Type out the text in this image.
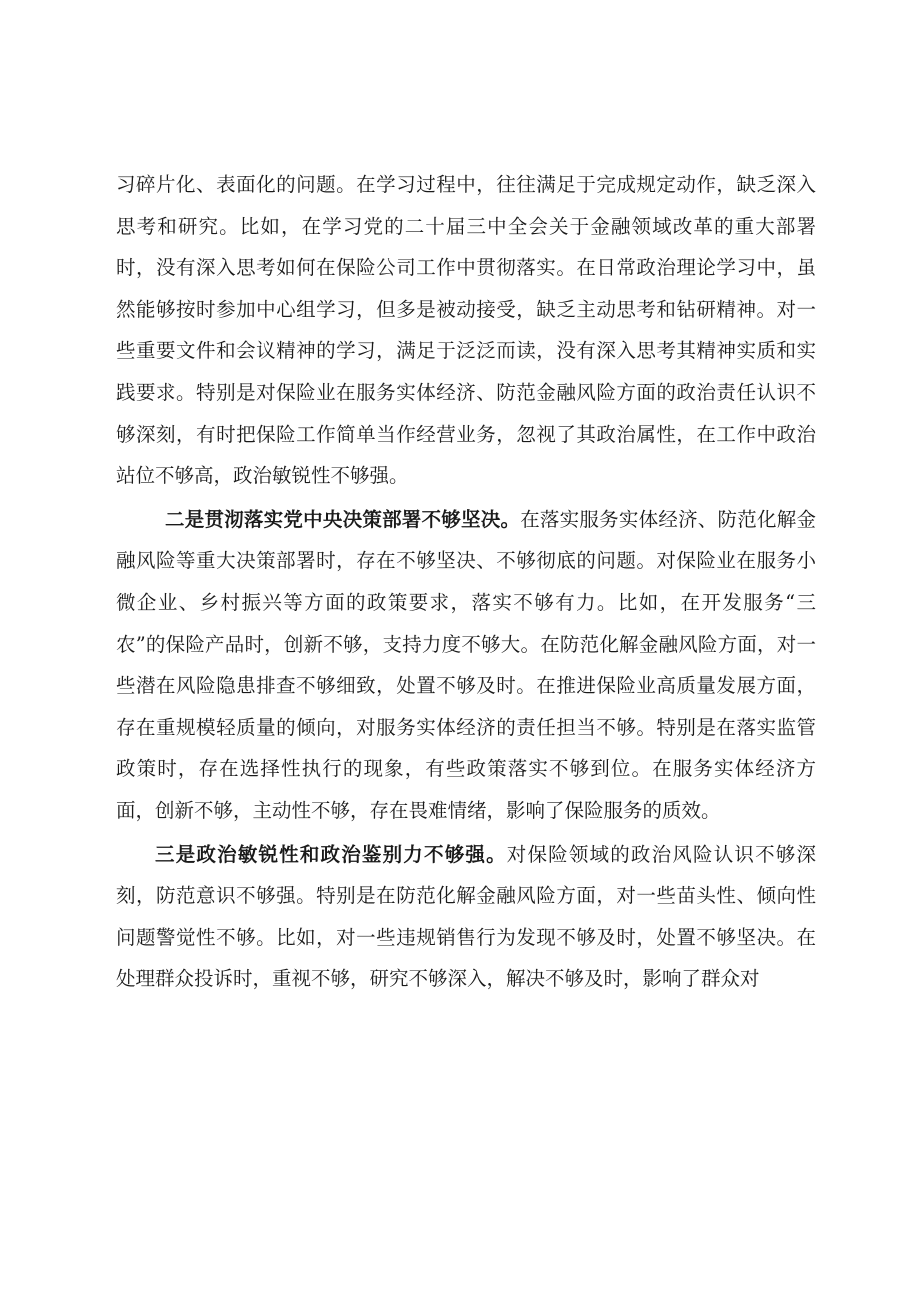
习碎片化、表面化的问题。在学习过程中，往往满足于完成规定动作，缺乏深入思考和研究。比如，在学习党的二十届三中全会关于金融领域改革的重大部署时，没有深入思考如何在保险公司工作中贯彻落实。在日常政治理论学习中，虽然能够按时参加中心组学习，但多是被动接受，缺乏主动思考和钻研精神。对一些重要文件和会议精神的学习，满足于泛泛而读，没有深入思考其精神实质和实践要求。特别是对保险业在服务实体经济、防范金融风险方面的政治责任认识不够深刻，有时把保险工作简单当作经营业务，忽视了其政治属性，在工作中政治站位不够高，政治敏锐性不够强。

二是贯沏落实党中央决策部署不够坚决。在落实服务实体经济、防范化解金融风险等重大决策部署时，存在不够坚决、不够彻底的问题。对保险业在服务小微企业、乡村振兴等方面的政策要求，落实不够有力。比如，在开发服务“三农”的保险产品时，创新不够，支持力度不够大。在防范化解金融风险方面，对一些潜在风险隐患排查不够细致，处置不够及时。在推进保险业高质量发展方面，存在重规模轻质量的倾向，对服务实体经济的责任担当不够。特别是在落实监管政策时，存在选择性执行的现象，有些政策落实不够到位。在服务实体经济方面，创新不够，主动性不够，存在畏难情绪，影响了保险服务的质效。

三是政治敏锐性和政治鉴别力不够强。对保险领域的政治风险认识不够深刻，防范意识不够强。特别是在防范化解金融风险方面，对一些苗头性、倾向性问题警觉性不够。比如，对一些违规销售行为发现不够及时，处置不够坚决。在处理群众投诉时，重视不够，研究不够深入，解决不够及时，影响了群众对
